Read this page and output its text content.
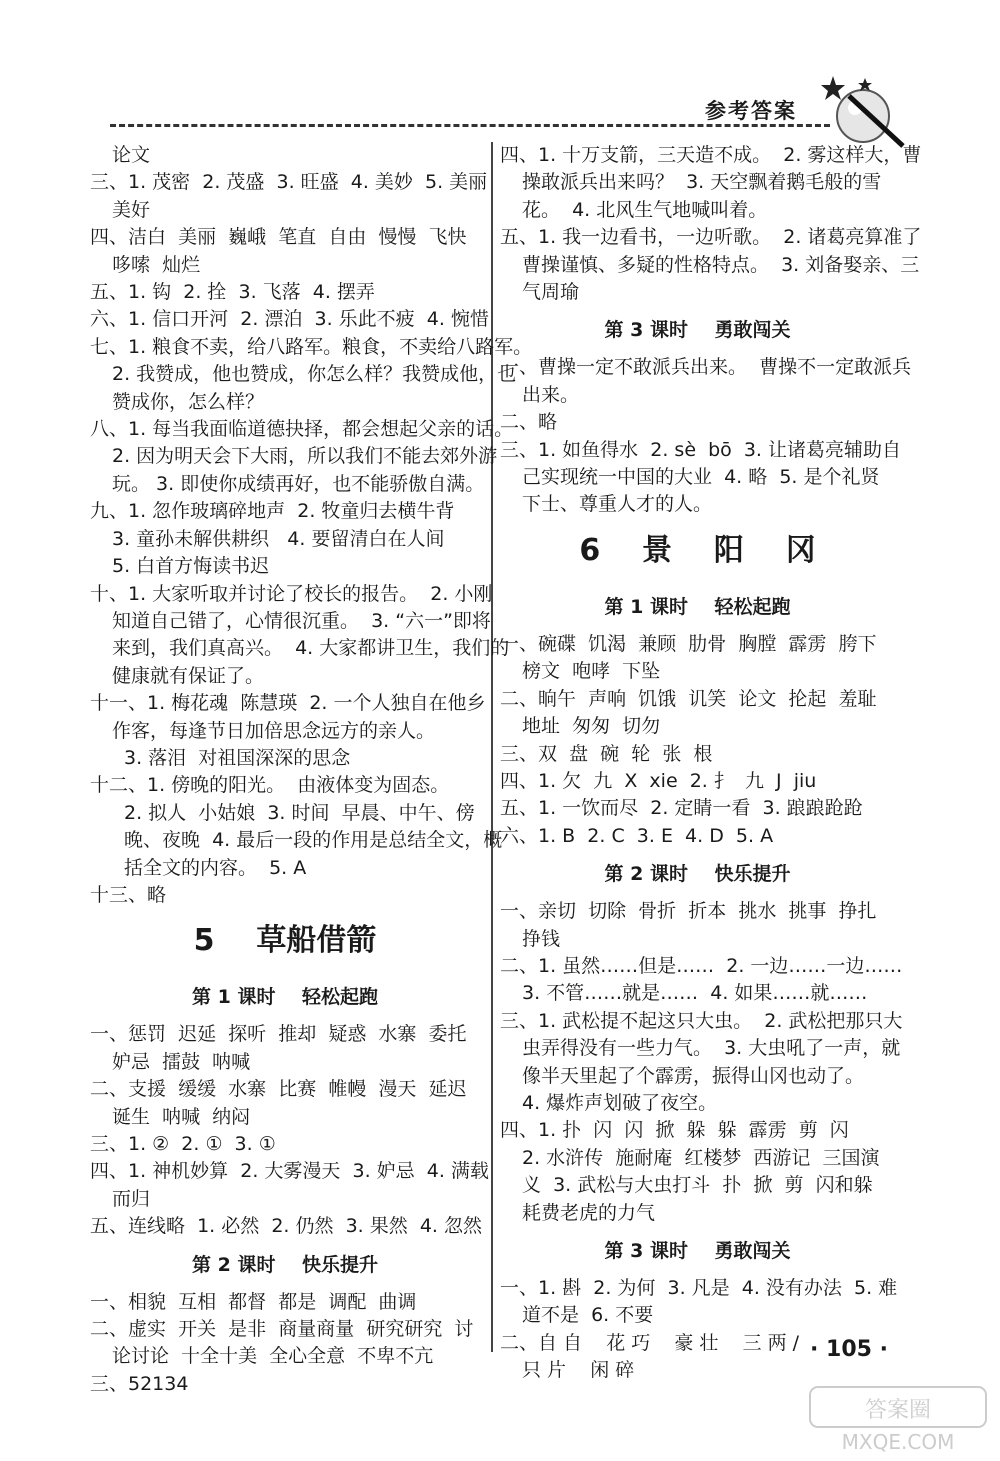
参考答案
论文
三、1. 茂密  2. 茂盛  3. 旺盛  4. 美妙  5. 美丽
美好
四、洁白  美丽  巍峨  笔直  自由  慢慢  飞快
哆嗦  灿烂
五、1. 钩  2. 拴  3. 飞落  4. 摆弄
六、1. 信口开河  2. 漂泊  3. 乐此不疲  4. 惋惜
七、1. 粮食不卖，给八路军。粮食，不卖给八路军。
2. 我赞成，他也赞成，你怎么样？我赞成他，也
赞成你，怎么样？
八、1. 每当我面临道德抉择，都会想起父亲的话。
2. 因为明天会下大雨，所以我们不能去郊外游
玩。 3. 即使你成绩再好，也不能骄傲自满。
九、1. 忽作玻璃碎地声  2. 牧童归去横牛背
3. 童孙未解供耕织   4. 要留清白在人间
5. 白首方悔读书迟
十、1. 大家听取并讨论了校长的报告。  2. 小刚
知道自己错了，心情很沉重。  3. “六一”即将
来到，我们真高兴。  4. 大家都讲卫生，我们的
健康就有保证了。
十一、1. 梅花魂  陈慧瑛  2. 一个人独自在他乡
作客，每逢节日加倍思念远方的亲人。
3. 落泪  对祖国深深的思念
十二、1. 傍晚的阳光。  由液体变为固态。
2. 拟人  小姑娘  3. 时间  早晨、中午、傍
晚、夜晚  4. 最后一段的作用是总结全文，概
括全文的内容。  5. A
十三、略
5    草船借箭
第 1 课时    轻松起跑
一、惩罚  迟延  探听  推却  疑惑  水寨  委托
妒忌  擂鼓  呐喊
二、支援  缓缓  水寨  比赛  帷幔  漫天  延迟
诞生  呐喊  纳闷
三、1. ②  2. ①  3. ①
四、1. 神机妙算  2. 大雾漫天  3. 妒忌  4. 满载
而归
五、连线略  1. 必然  2. 仍然  3. 果然  4. 忽然
第 2 课时    快乐提升
一、相貌  互相  都督  都是  调配  曲调
二、虚实  开关  是非  商量商量  研究研究  讨
论讨论  十全十美  全心全意  不卑不亢
三、52134
四、1. 十万支箭，三天造不成。  2. 雾这样大，曹
操敢派兵出来吗？  3. 天空飘着鹅毛般的雪
花。  4. 北风生气地喊叫着。
五、1. 我一边看书，一边听歌。  2. 诸葛亮算准了
曹操谨慎、多疑的性格特点。  3. 刘备娶亲、三
气周瑜
第 3 课时    勇敢闯关
一、曹操一定不敢派兵出来。  曹操不一定敢派兵
出来。
二、略
三、1. 如鱼得水  2. sè  bō  3. 让诸葛亮辅助自
己实现统一中国的大业  4. 略  5. 是个礼贤
下士、尊重人才的人。
6    景    阳    冈
第 1 课时    轻松起跑
一、碗碟  饥渴  兼顾  肋骨  胸膛  霹雳  胯下
榜文  咆哮  下坠
二、晌午  声响  饥饿  讥笑  论文  抡起  羞耻
地址  匆匆  切勿
三、双  盘  碗  轮  张  根
四、1. 欠  九  X  xie  2. 扌  九  J  jiu
五、1. 一饮而尽  2. 定睛一看  3. 踉踉跄跄
六、1. B  2. C  3. E  4. D  5. A
第 2 课时    快乐提升
一、亲切  切除  骨折  折本  挑水  挑事  挣扎
挣钱
二、1. 虽然……但是……  2. 一边……一边……
3. 不管……就是……  4. 如果……就……
三、1. 武松提不起这只大虫。  2. 武松把那只大
虫弄得没有一些力气。  3. 大虫吼了一声，就
像半天里起了个霹雳，振得山冈也动了。
4. 爆炸声划破了夜空。
四、1. 扑  闪  闪  掀  躲  躲  霹雳  剪  闪
2. 水浒传  施耐庵  红楼梦  西游记  三国演
义  3. 武松与大虫打斗  扑  掀  剪  闪和躲
耗费老虎的力气
第 3 课时    勇敢闯关
一、1. 斟  2. 为何  3. 凡是  4. 没有办法  5. 难
道不是  6. 不要
二、自 自    花 巧    豪 壮    三 两 /
只 片    闲 碎
· 105 ·
MXQE.COM
答案圈
